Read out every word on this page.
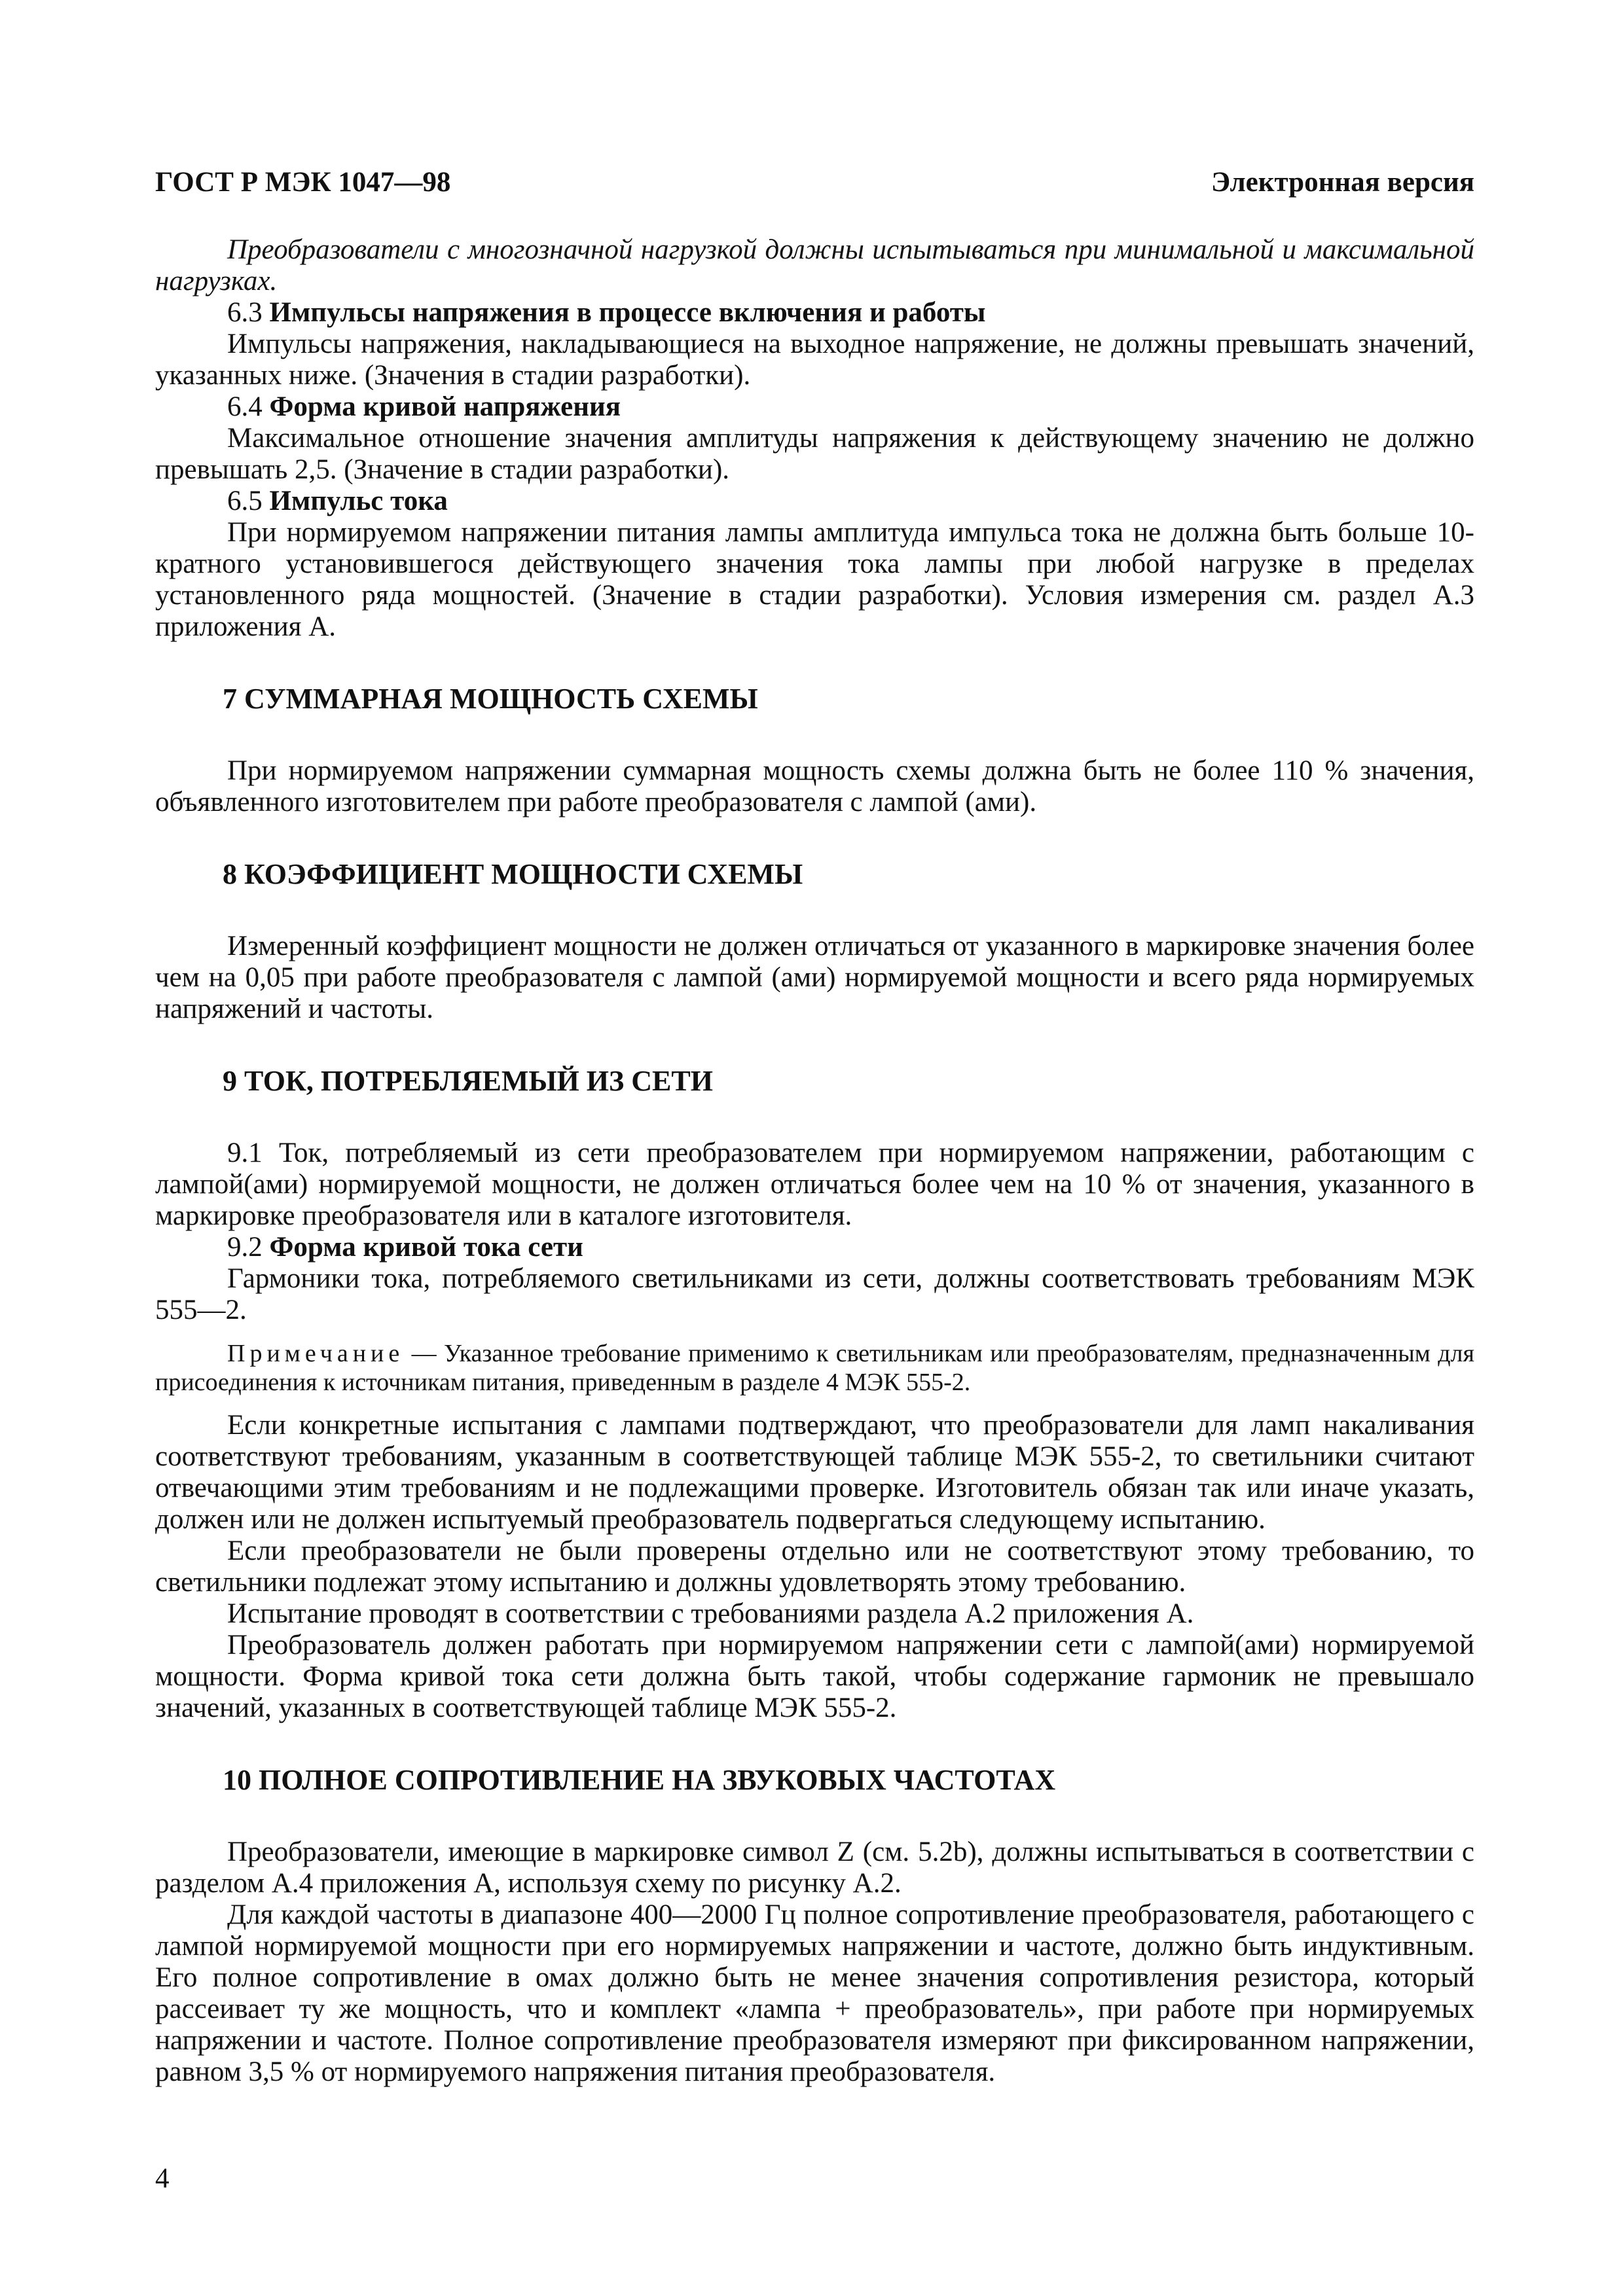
ГОСТ Р МЭК 1047—98	Электронная версия

Преобразователи с многозначной нагрузкой должны испытываться при минимальной и максимальной нагрузках.

6.3 Импульсы напряжения в процессе включения и работы

Импульсы напряжения, накладывающиеся на выходное напряжение, не должны превышать значений, указанных ниже. (Значения в стадии разработки).

6.4 Форма кривой напряжения

Максимальное отношение значения амплитуды напряжения к действующему значению не должно превышать 2,5. (Значение в стадии разработки).

6.5 Импульс тока

При нормируемом напряжении питания лампы амплитуда импульса тока не должна быть больше 10-кратного установившегося действующего значения тока лампы при любой нагрузке в пределах установленного ряда мощностей. (Значение в стадии разработки). Условия измерения см. раздел А.3 приложения А.

7 СУММАРНАЯ МОЩНОСТЬ СХЕМЫ

При нормируемом напряжении суммарная мощность схемы должна быть не более 110 % значения, объявленного изготовителем при работе преобразователя с лампой (ами).

8 КОЭФФИЦИЕНТ МОЩНОСТИ СХЕМЫ

Измеренный коэффициент мощности не должен отличаться от указанного в маркировке значения более чем на 0,05 при работе преобразователя с лампой (ами) нормируемой мощности и всего ряда нормируемых напряжений и частоты.

9 ТОК, ПОТРЕБЛЯЕМЫЙ ИЗ СЕТИ

9.1 Ток, потребляемый из сети преобразователем при нормируемом напряжении, работающим с лампой(ами) нормируемой мощности, не должен отличаться более чем на 10 % от значения, указанного в маркировке преобразователя или в каталоге изготовителя.

9.2 Форма кривой тока сети

Гармоники тока, потребляемого светильниками из сети, должны соответствовать требованиям МЭК 555—2.

Примечание — Указанное требование применимо к светильникам или преобразователям, предназначенным для присоединения к источникам питания, приведенным в разделе 4 МЭК 555-2.

Если конкретные испытания с лампами подтверждают, что преобразователи для ламп накаливания соответствуют требованиям, указанным в соответствующей таблице МЭК 555-2, то светильники считают отвечающими этим требованиям и не подлежащими проверке. Изготовитель обязан так или иначе указать, должен или не должен испытуемый преобразователь подвергаться следующему испытанию.

Если преобразователи не были проверены отдельно или не соответствуют этому требованию, то светильники подлежат этому испытанию и должны удовлетворять этому требованию.

Испытание проводят в соответствии с требованиями раздела А.2 приложения А.

Преобразователь должен работать при нормируемом напряжении сети с лампой(ами) нормируемой мощности. Форма кривой тока сети должна быть такой, чтобы содержание гармоник не превышало значений, указанных в соответствующей таблице МЭК 555-2.

10 ПОЛНОЕ СОПРОТИВЛЕНИЕ НА ЗВУКОВЫХ ЧАСТОТАХ

Преобразователи, имеющие в маркировке символ Z (см. 5.2b), должны испытываться в соответствии с разделом А.4 приложения А, используя схему по рисунку А.2.

Для каждой частоты в диапазоне 400—2000 Гц полное сопротивление преобразователя, работающего с лампой нормируемой мощности при его нормируемых напряжении и частоте, должно быть индуктивным. Его полное сопротивление в омах должно быть не менее значения сопротивления резистора, который рассеивает ту же мощность, что и комплект «лампа + преобразователь», при работе при нормируемых напряжении и частоте. Полное сопротивление преобразователя измеряют при фиксированном напряжении, равном 3,5 % от нормируемого напряжения питания преобразователя.

4
